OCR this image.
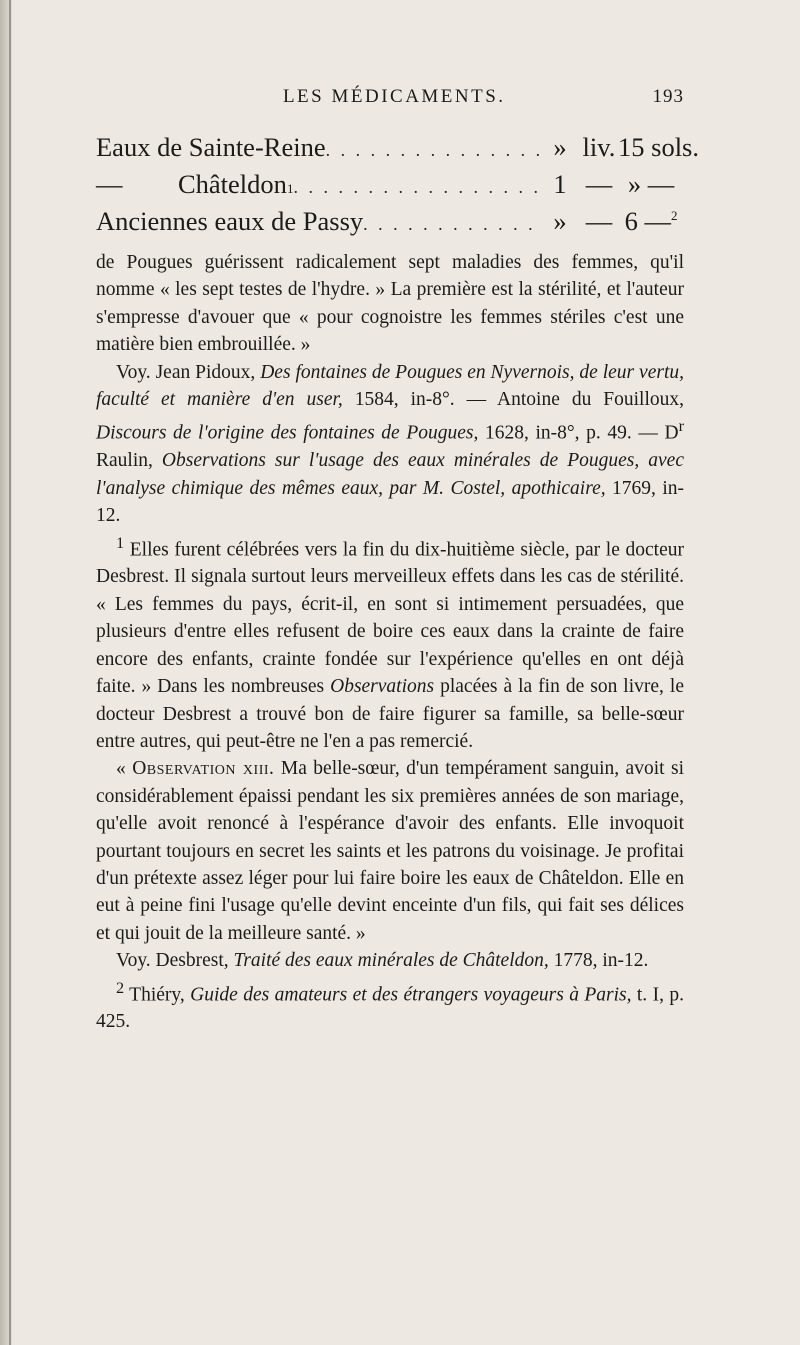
LES MÉDICAMENTS.	193
Eaux de Sainte-Reine . . .	» liv. 15 sols.
—	Châteldon 1 . . .	1 — » —
Anciennes eaux de Passy . . .	» — 6 —$^2$

de Pougues guérissent radicalement sept maladies des femmes, qu'il nomme « les sept testes de l'hydre. » La première est la stérilité, et l'auteur s'empresse d'avouer que « pour cognoistre les femmes stériles c'est une matière bien embrouillée. »

Voy. Jean Pidoux, Des fontaines de Pougues en Nyvernois, de leur vertu, faculté et manière d'en user, 1584, in-8°. — Antoine du Fouilloux, Discours de l'origine des fontaines de Pougues, 1628, in-8°, p. 49. — $D^r$ Raulin, Observations sur l'usage des eaux minérales de Pougues, avec l'analyse chimique des mêmes eaux, par M. Costel, apothicaire, 1769, in-12.

$^1$ Elles furent célébrées vers la fin du dix-huitième siècle, par le docteur Desbrest. Il signala surtout leurs merveilleux effets dans les cas de stérilité. « Les femmes du pays, écrit-il, en sont si intimement persuadées, que plusieurs d'entre elles refusent de boire ces eaux dans la crainte de faire encore des enfants, crainte fondée sur l'expérience qu'elles en ont déjà faite. » Dans les nombreuses Observations placées à la fin de son livre, le docteur Desbrest a trouvé bon de faire figurer sa famille, sa belle-sœur entre autres, qui peut-être ne l'en a pas remercié.

« Observation xiii. Ma belle-sœur, d'un tempérament sanguin, avoit si considérablement épaissi pendant les six premières années de son mariage, qu'elle avoit renoncé à l'espérance d'avoir des enfants. Elle invoquoit pourtant toujours en secret les saints et les patrons du voisinage. Je profitai d'un prétexte assez léger pour lui faire boire les eaux de Châteldon. Elle en eut à peine fini l'usage qu'elle devint enceinte d'un fils, qui fait ses délices et qui jouit de la meilleure santé. »

Voy. Desbrest, Traité des eaux minérales de Châteldon, 1778, in-12.

$^2$ Thiéry, Guide des amateurs et des étrangers voyageurs à Paris, t. I, p. 425.
